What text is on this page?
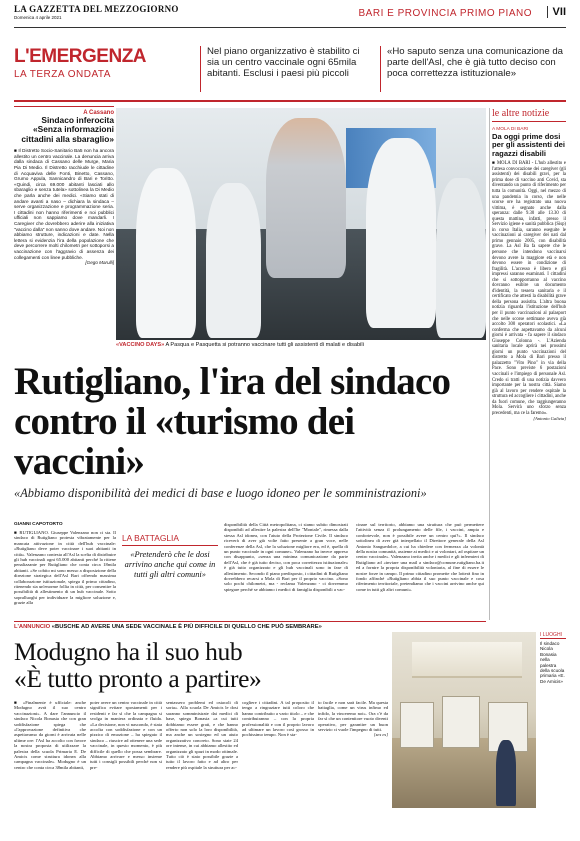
LA GAZZETTA DEL MEZZOGIORNO
Domenica 4 aprile 2021	BARI E PROVINCIA PRIMO PIANO	VII
L'EMERGENZA
LA TERZA ONDATA
Nel piano organizzativo è stabilito ci sia un centro vaccinale ogni 65mila abitanti. Esclusi i paesi più piccoli
«Ho saputo senza una comunicazione da parte dell'Asl, che è già tutto deciso con poca correttezza istituzionale»
A Cassano
Sindaco inferocita
«Senza informazioni cittadini alla sbaraglio»
■ Il Distretto Socio-Sanitario Ba5 non ha ancora allestito un centro vaccinale. La denuncia arriva dalla sindaca di Cassano delle Murge, Maria Pia Di Medio. Il Distretto racchiude le cittadine di Acquaviva delle Fonti, Binetto, Cassano, Grumo Appula, Sannicandro di Bari e Toritto. «Quindi, circa 69.000 abitanti lasciati allo sbaraglio e senza tutela» sottolinea la Di Medio che parla anche dei medici. «Siamo stati di andare avanti a naso – dichiara la sindaca – serve organizzazione e programmazione seria. I cittadini non hanno riferimenti e noi pubblici ufficiali non sappiamo dove mandarli. I Caregiver che dovrebbero aderire alla iniziativa "vaccino dalla" non sanno dove andare. Noi non abbiamo strutture, indicazioni e date. Nella lettera si evidenzia l'ira della popolazione che deve percorrere molti chilometri per sottoporsi a vaccinazione con l'aggravio di assenza dei collegamenti con linee pubbliche.
[Gego Marulli]
«VACCINO DAYS» A Pasqua e Pasquetta si potranno vaccinare tutti gli assistenti di malati e disabili
le altre notizie
A MOLA DI BARI
Da oggi prime dosi per gli assistenti dei ragazzi disabili
■ MOLA DI BARI - L'hub allestito e l'attesa convocazione dei caregiver (gli assistenti) dei disabili gravi, per la prima dose di vaccino anti Covid, sta diventando un punto di riferimento per tutta la comunità. Oggi, nel mezzo di una pandemia in corso, che nelle scorse ore ha registrato una nuova vittima, è segnato anche dalla speranza: dalle 9.30 alle 13.30 di questa mattina, infatti, presso il Servizio igiene e sanità pubblica (Sisp) in corso Italia, saranno eseguite le vaccinazioni ai caregiver dei nati dal primo gennaio 2005, con disabilità grave. La Asl Ba fa sapere che le persone che intendono vaccinarsi devono avere la maggiore età e non devono essere in condizione di fragilità. L'accesso è libero e gli impressi saranno esaminati. I cittadini che si sottopporranno al vaccino dovranno esibire un documento d'identità, la tessera sanitaria e il certificato che attesti la disabilità grave della persona assistita. L'altra buona notizia riguarda l'istituzione dell'hub per il punto vaccinazioni al palasport che nelle scorse settimane aveva già accolto 300 operatori scolastici. «La conferma che aspettavamo da alcuni giorni è arrivata - fa sapere il sindaco Giuseppe Colonna -. L'Azienda sanitaria locale aprirà nei prossimi giorni un punto vaccinazioni del distretto a Mola di Bari presso il palazzetto "Vito Pino" in via della Pace. Sono previste 6 postazioni vaccinali e l'impiego di personale Asl. Credo si tratti di una notizia davvero importante per la nostra città. Siamo già al lavoro per rendere ospitale la struttura ed accogliere i cittadini, anche da fuori comune, che raggiungeranno Mola. Servirà uno sforzo senza precedenti, ma ce la faremo».
[Antonio Galizia]
Rutigliano, l'ira del sindaco
contro il «turismo dei vaccini»
«Abbiamo disponibilità dei medici di base e luogo idoneo per le somministrazioni»
GIANNI CAPOTORTO
■ RUTIGLIANO. Giuseppe Valenzano non ci sta. Il sindaco di Rutigliano protesta vibratamente per la mancata attivazione in città dell'hub vaccinale: «Rutigliano deve poter vaccinare i suoi abitanti in città». Valenzano contesta all'Asl la scelta di distribuire gli hub vaccinali ogni 65.000 abitanti perché la ritiene penalizzante per Rutigliano che conta circa 18mila abitanti. «Se cobito mi sono messo a disposizione della direzione strategica dell'Asl Bari offrendo massima collaborazione istituzionale, spiega il primo cittadino, ritenendo sia un'enorme follia in città, per consentire la possibilità di allestimento di un hub vaccinale. Sotto sopralluoghi per individuare la migliore soluzione e, grazie alla
LA BATTAGLIA
«Pretenderò che le dosi arrivino anche qui come in tutti gli altri comuni»
disponibilità della Città metropolitana, ci siamo subito dimostrati disponibili ad allestire la palestra dell'Ite "Montale", rimessa dalla stessa Asl idonea, con l'aiuto della Protezione Civile. Il sindaco riceverà di aver già volte fatto presente a gran voce, nelle conferenze della Asl, che la soluzione migliore era, ed è, quella di un punto vaccinale in ogni comune». Valenzano ha invece appreso con disappunto, «senza una minima comunicazione da parte dell'Asl, che è già tutto deciso, con poca correttezza istituzionale» è già tutto organizzato e gli hub vaccinali sono in fase di allestimento. Secondo il piano predisposto, i cittadini di Rutigliano dovrebbero recarsi a Mola di Bari per il proprio vaccino. «Sono solo pochi chilometri, ma - reclama Valenzano - ci dovremmo spiegare perché se abbiamo i medici di famiglia disponibili a vac-
cinare sul territorio, abbiamo una struttura che può permettere l'attività senza il prolungamento delle file, i vaccini, ampia e confortevole, non è possibile avere un centro qui?». Il sindaco sottolinea di aver già interpellato il Direttore generale della Asl Antonio Sanguedolce, a cui ha chiedere con fermezza «la volontà della nostra comunità, assieme ai medici e ai volontari, ad ospitare un centro vaccinale». Valenzano invita anche i medici e gli infermieri di Rutigliano ad «inviare una mail a sindaco@comune.rutigliano.ba.it ed a fornire la propria disponibilità volontaria, al fine di essere le nostre forze in campo. Il primo cittadino promette che lotterà fino in fondo affinché «Rutigliano abbia il suo punto vaccinale e cosa riferimento territoriale, pretendiamo che i vaccini arrivino anche qui come in tutti gli altri comuni».
L'ANNUNCIO «BUSCHE AD AVERE UNA SEDE VACCINALE È PIÙ DIFFICILE DI QUELLO CHE PUÒ SEMBRARE»
Modugno ha il suo hub
«È tutto pronto a partire»
■ «Finalmente è ufficiale: anche Modugno avrà il suo centro vaccinazioni». A dare l'annuncio il sindaco Nicola Bonasia che con gran soddisfazione spiega che «l'approvazione definitiva che aspettavamo da giorni è arrivata nelle ultime ore: l'Asl ha accolto con favore la nostra proposta di utilizzare la palestra della scuola Primaria E. De Amicis come struttura idonea alla campagna vaccinale». Modugno è un centro che conta circa 38mila abitanti,
poter avere un centro vaccinale in città significa evitare spostamenti per i residenti e far sì che la campagna si svolga in maniera ordinata e fluida. «La decisione, non vi nascondo, è stata accolta con soddisfazione e con un pizzico di emozione – ha spiegato il sindaco – riuscire ad ottenere una sede vaccinale, in questo momento, è più difficile di quello che possa sembrare. Abbiamo arrivare e messo insieme tutti i consigli possibili perché non si pre-
sentassero problemi ed ostacoli di sorta». Alla scuola De Amicis le dosi saranno somministrate dai medici di base, spiega Bonasia «a cui tutti dobbiamo essere grati, e che hanno offerto non solo la loro disponibilità, ma anche un sostegno ed un aiuto organizzativo concreto. Sono state 24 ore intense, in cui abbiamo allestito ed organizzato gli spazi in modo ottimale. Tutto ciò è stato possibile grazie a tutto il lavoro fatto e ad altro per rendere più ospitale la struttura per ac-
cogliere i cittadini. A tal proposito il tengo a ringraziare tutti coloro che hanno contribuito a vario titolo – e che contribuiranno – con la propria professionalità e con il proprio lavoro ad ultimare un lavoro così grosso in pochissimo tempo. Non è sta-
to facile e non sarà facile. Ma questa battaglia, come un virus infimo ed infido, la vinceremo noi». Ora c'è da far sì che un contenitore vuoto diventi operativo, per garantire un buon servizio ci vuole l'impegno di tutti.
[ses es]
I LUOGHI
Il sindaco Nicola Bonasia nella palestra della scuola primaria «E. De Amicis»
